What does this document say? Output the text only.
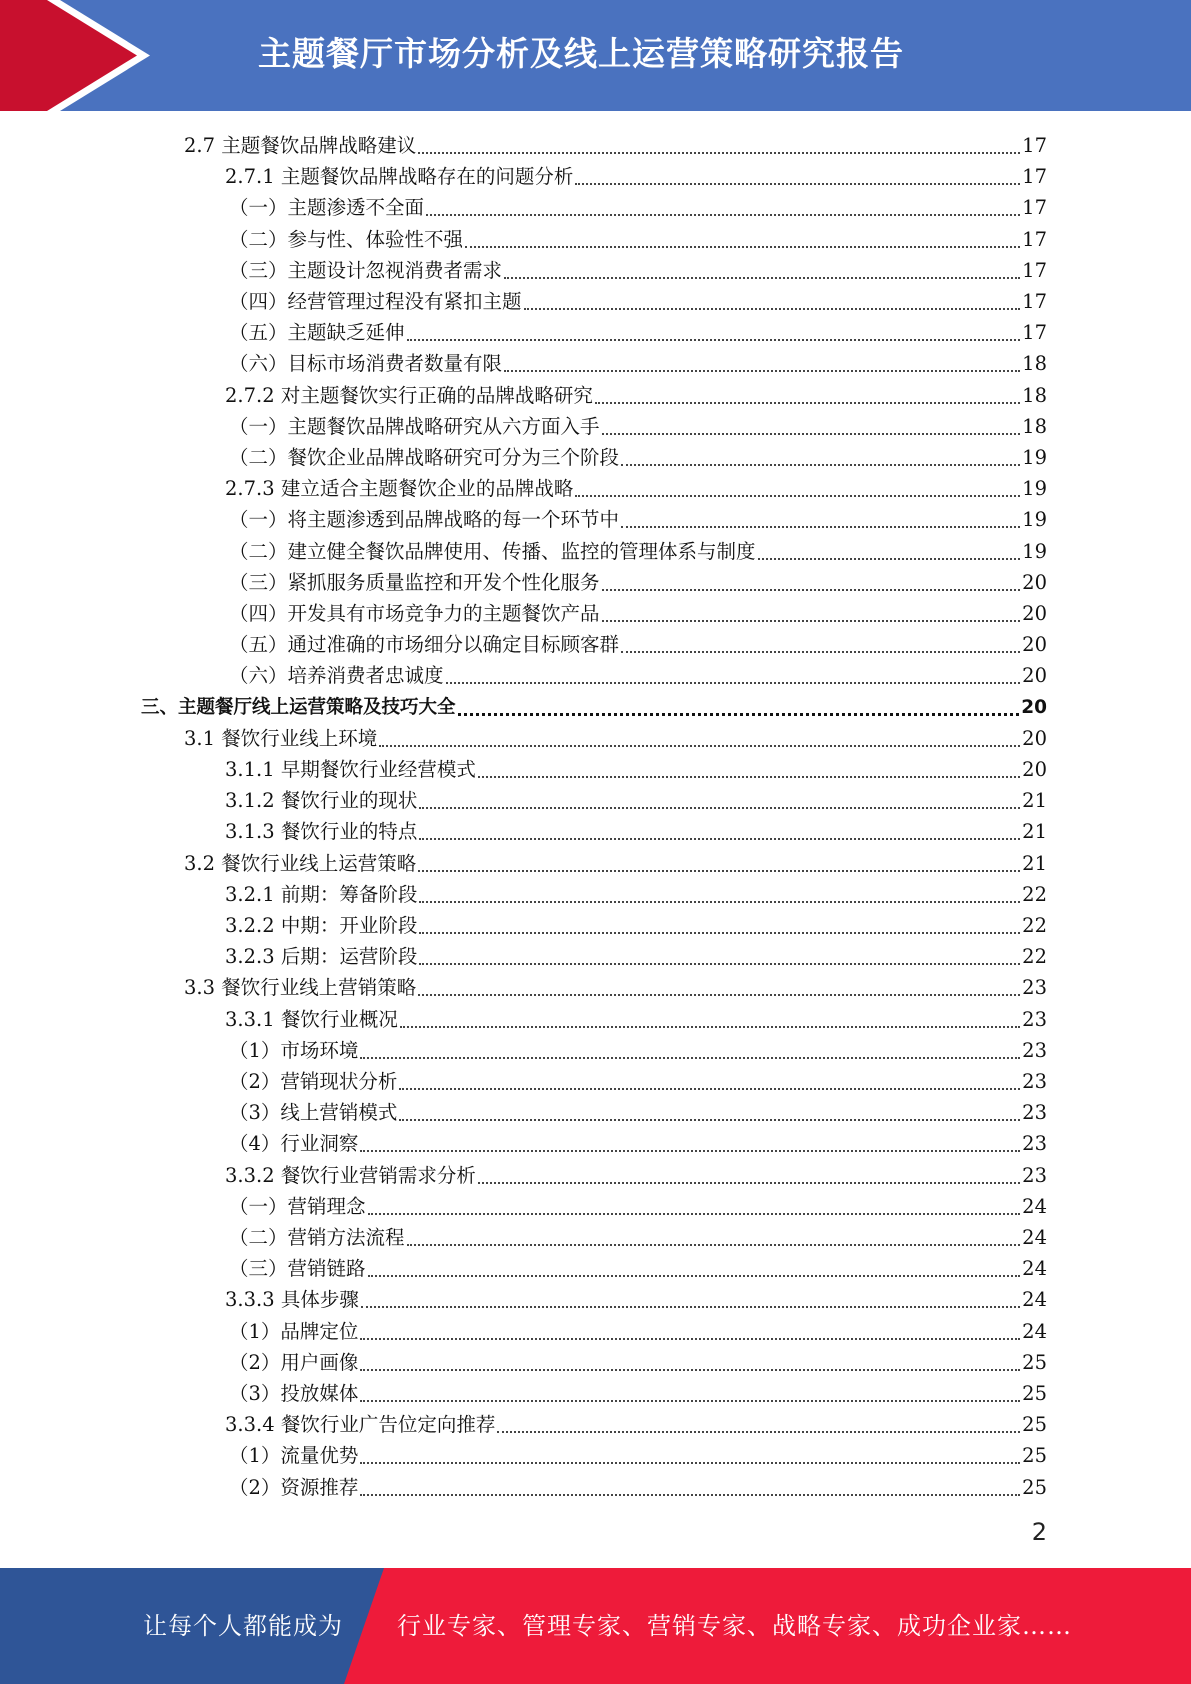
主题餐厅市场分析及线上运营策略研究报告
2.7 主题餐饮品牌战略建议	17
2.7.1 主题餐饮品牌战略存在的问题分析	17
（一）主题渗透不全面	17
（二）参与性、体验性不强	17
（三）主题设计忽视消费者需求	17
（四）经营管理过程没有紧扣主题	17
（五）主题缺乏延伸	17
（六）目标市场消费者数量有限	18
2.7.2 对主题餐饮实行正确的品牌战略研究	18
（一）主题餐饮品牌战略研究从六方面入手	18
（二）餐饮企业品牌战略研究可分为三个阶段	19
2.7.3 建立适合主题餐饮企业的品牌战略	19
（一）将主题渗透到品牌战略的每一个环节中	19
（二）建立健全餐饮品牌使用、传播、监控的管理体系与制度	19
（三）紧抓服务质量监控和开发个性化服务	20
（四）开发具有市场竞争力的主题餐饮产品	20
（五）通过准确的市场细分以确定目标顾客群	20
（六）培养消费者忠诚度	20
三、主题餐厅线上运营策略及技巧大全	20
3.1 餐饮行业线上环境	20
3.1.1 早期餐饮行业经营模式	20
3.1.2 餐饮行业的现状	21
3.1.3 餐饮行业的特点	21
3.2 餐饮行业线上运营策略	21
3.2.1 前期：筹备阶段	22
3.2.2 中期：开业阶段	22
3.2.3 后期：运营阶段	22
3.3 餐饮行业线上营销策略	23
3.3.1 餐饮行业概况	23
（1）市场环境	23
（2）营销现状分析	23
（3）线上营销模式	23
（4）行业洞察	23
3.3.2 餐饮行业营销需求分析	23
（一）营销理念	24
（二）营销方法流程	24
（三）营销链路	24
3.3.3 具体步骤	24
（1）品牌定位	24
（2）用户画像	25
（3）投放媒体	25
3.3.4 餐饮行业广告位定向推荐	25
（1）流量优势	25
（2）资源推荐	25
2
让每个人都能成为 行业专家、管理专家、营销专家、战略专家、成功企业家……
